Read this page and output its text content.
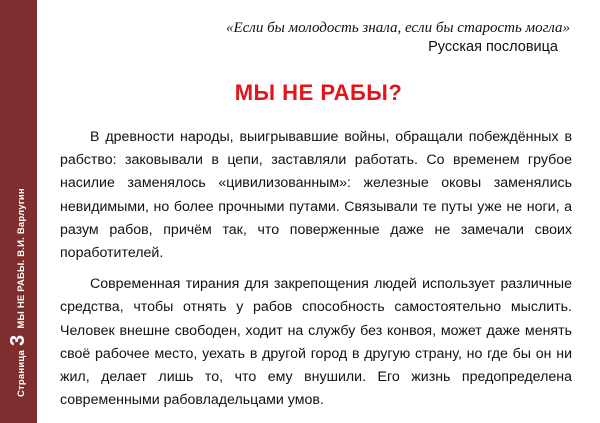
Страница
3
МЫ НЕ РАБЫ. В.И. Варлугин
«Если бы молодость знала, если бы старость могла»
Русская пословица
МЫ НЕ РАБЫ?

В древности народы, выигрывавшие войны, обращали побеждённых в рабство: заковывали в цепи, заставляли работать. Со временем грубое насилие заменялось «цивилизованным»: железные оковы заменялись невидимыми, но более прочными путами. Связывали те путы уже не ноги, а разум рабов, причём так, что поверженные даже не замечали своих поработителей.

Современная тирания для закрепощения людей использует различные средства, чтобы отнять у рабов способность самостоятельно мыслить. Человек внешне свободен, ходит на службу без конвоя, может даже менять своё рабочее место, уехать в другой город в другую страну, но где бы он ни жил, делает лишь то, что ему внушили. Его жизнь предопределена современными рабовладельцами умов.
